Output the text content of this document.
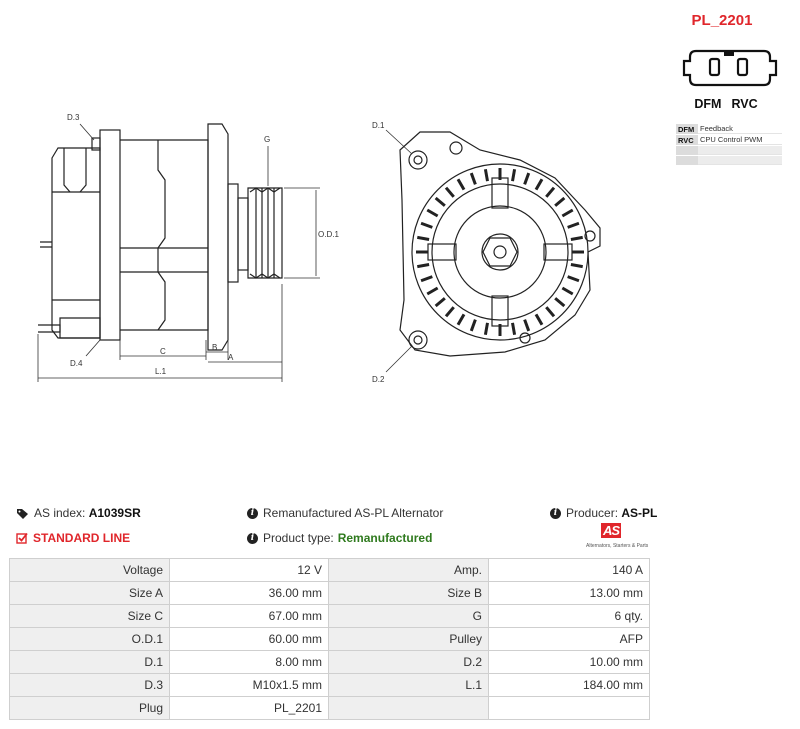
D.3
G
O.D.1
C	B
A
D.4
L.1
D.1
D.2
PL_2201
DFM RVC
DFM	Feedback
RVC	CPU Control PWM

AS index:
A1039SR	i Remanufactured AS-PL Alternator	i Producer:
AS-PL
STANDARD LINE	i Product type: Remanufactured	AS
Alternators, Starters & Parts
Voltage	12 V	Amp.	140 A
Size A	36.00 mm	Size B	13.00 mm
Size C	67.00 mm	G	6 qty.
O.D.1	60.00 mm	Pulley	AFP
D.1	8.00 mm	D.2	10.00 mm
D.3	M10x1.5 mm	L.1	184.00 mm
Plug	PL_2201		
